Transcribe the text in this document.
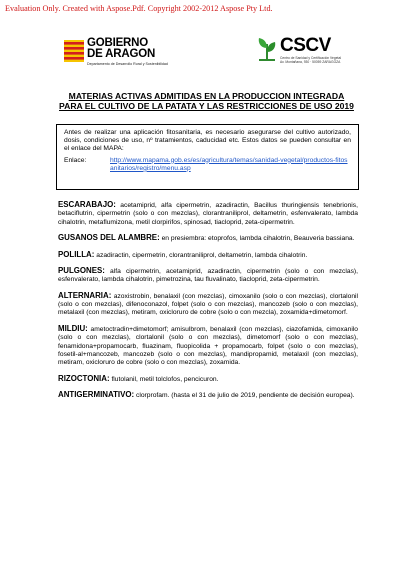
Evaluation Only. Created with Aspose.Pdf. Copyright 2002-2012 Aspose Pty Ltd.
GOBIERNO
DE ARAGON
Departamento de Desarrollo Rural y Sostenibilidad
CSCV
Centro de Sanidad y Certificación Vegetal
Av. Montañana, 930 · 50059 ZARAGOZA
MATERIAS ACTIVAS ADMITIDAS EN LA PRODUCCION INTEGRADA
PARA EL CULTIVO DE LA PATATA Y LAS RESTRICCIONES DE USO 2019
Antes de realizar una aplicación fitosanitaria, es necesario asegurarse del cultivo autorizado, dosis, condiciones de uso, nº tratamientos, caducidad etc. Estos datos se pueden consultar en el enlace del MAPA:
Enlace:	http://www.mapama.gob.es/es/agricultura/temas/sanidad-vegetal/productos-fitosanitarios/registro/menu.asp
ESCARABAJO: acetamiprid, alfa cipermetrin, azadiractin, Bacillus thuringiensis tenebrionis, betaciflutrin, cipermetrin (solo o con mezclas), clorantraniliprol, deltametrin, esfenvalerato, lambda cihalotrin, metaflumizona, metil clorpirifos, spinosad, tiacloprid, zeta-cipermetrin.
GUSANOS DEL ALAMBRE: en presiembra: etoprofos, lambda cihalotrin, Beauveria bassiana.
POLILLA: azadiractin, cipermetrin, clorantraniliprol, deltametrin, lambda cihalotrin.
PULGONES: alfa cipermetrin, acetamiprid, azadiractin, cipermetrin (solo o con mezclas), esfenvalerato, lambda cihalotrin, pimetrozina, tau fluvalinato, tiacloprid, zeta-cipermetrin.
ALTERNARIA: azoxistrobin, benalaxil (con mezclas), cimoxanilo (solo o con mezclas), clortalonil (solo o con mezclas), difenoconazol, folpet (solo o con mezclas), mancozeb (solo o con mezclas), metalaxil (con mezclas), metiram, oxicloruro de cobre (solo o con mezcla), zoxamida+dimetomorf.
MILDIU: ametoctradin+dimetomorf; amisulbrom, benalaxil (con mezclas), ciazofamida, cimoxanilo (solo o con mezclas), clortalonil (solo o con mezclas), dimetomorf (solo o con mezclas), fenamidona+propamocarb, fluazinam, fluopicolida + propamocarb, folpet (solo o con mezclas), fosetil-al+mancozeb, mancozeb (solo o con mezclas), mandipropamid, metalaxil (con mezclas), metiram, oxicloruro de cobre (solo o con mezclas), zoxamida.
RIZOCTONIA: flutolanil, metil tolclofos, pencicuron.
ANTIGERMINATIVO: clorprofam. (hasta el 31 de julio de 2019, pendiente de decisión europea).
